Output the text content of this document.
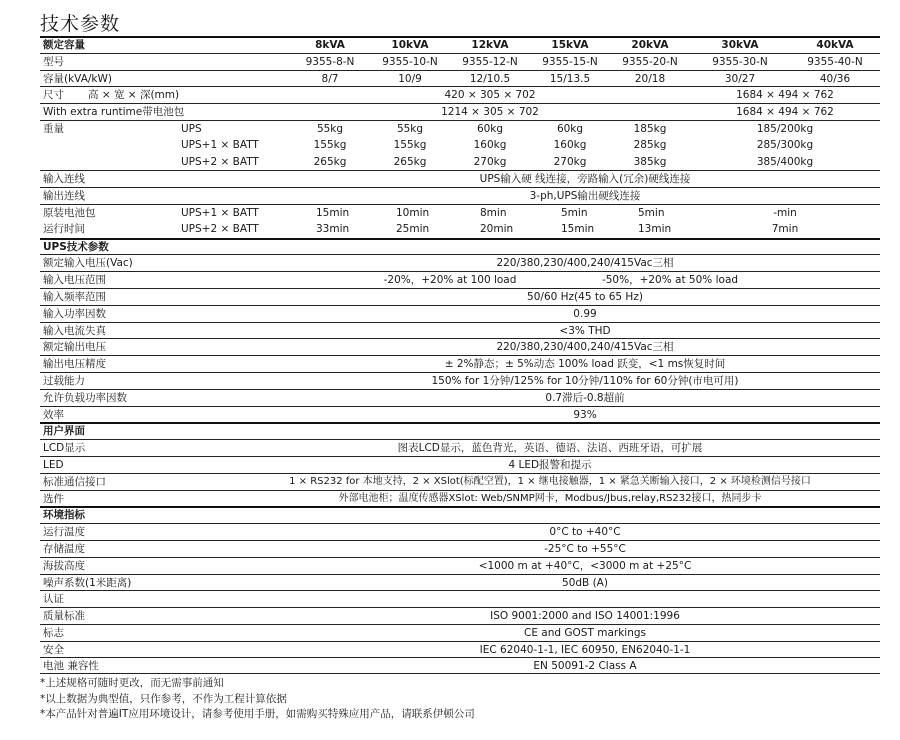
技术参数
额定容量	8kVA	10kVA	12kVA	15kVA	20kVA	30kVA	40kVA
型号	9355-8-N	9355-10-N	9355-12-N	9355-15-N	9355-20-N	9355-30-N	9355-40-N
容量(kVA/kW)	8/7	10/9	12/10.5	15/13.5	20/18	30/27	40/36
尺寸 高 × 宽 × 深(mm)	420 × 305 × 702	1684 × 494 × 762
With extra runtime带电池包	1214 × 305 × 702	1684 × 494 × 762
重量	UPS	55kg	55kg	60kg	60kg	185kg	185/200kg
UPS+1 × BATT	155kg	155kg	160kg	160kg	285kg	285/300kg
UPS+2 × BATT	265kg	265kg	270kg	270kg	385kg	385/400kg
输入连线	UPS输入硬 线连接，旁路输入(冗余)硬线连接
输出连线	3-ph,UPS输出硬线连接
原装电池包	UPS+1 × BATT	15min	10min	8min	5min	5min	-min
运行时间	UPS+2 × BATT	33min	25min	20min	15min	13min	7min
UPS技术参数
额定输入电压(Vac)	220/380,230/400,240/415Vac三相
输入电压范围	-20%，+20% at 100 load	-50%，+20% at 50% load
输入频率范围	50/60 Hz(45 to 65 Hz)
输入功率因数	0.99
输入电流失真	<3% THD
额定输出电压	220/380,230/400,240/415Vac三相
输出电压精度	± 2%静态；± 5%动态 100% load 跃变，<1 ms恢复时间
过载能力	150% for 1分钟/125% for 10分钟/110% for 60分钟(市电可用)
允许负载功率因数	0.7滞后-0.8超前
效率	93%
用户界面
LCD显示	图表LCD显示，蓝色背光，英语、德语、法语、西班牙语，可扩展
LED	4 LED报警和提示
标准通信接口	1 × RS232 for 本地支持，2 × XSlot(标配空置)，1 × 继电接触器，1 × 紧急关断输入接口，2 × 环境检测信号接口
选件	外部电池柜；温度传感器XSlot: Web/SNMP网卡，Modbus/Jbus,relay,RS232接口，热同步卡
环境指标
运行温度	0°C to +40°C
存储温度	-25°C to +55°C
海拔高度	<1000 m at +40°C，<3000 m at +25°C
噪声系数(1米距离)	50dB (A)
认证
质量标准	ISO 9001:2000 and ISO 14001:1996
标志	CE and GOST markings
安全	IEC 62040-1-1, IEC 60950, EN62040-1-1
电池 兼容性	EN 50091-2 Class A
*上述规格可随时更改，而无需事前通知
*以上数据为典型值，只作参考，不作为工程计算依据
*本产品针对普遍IT应用环境设计，请参考使用手册，如需购买特殊应用产品，请联系伊顿公司
